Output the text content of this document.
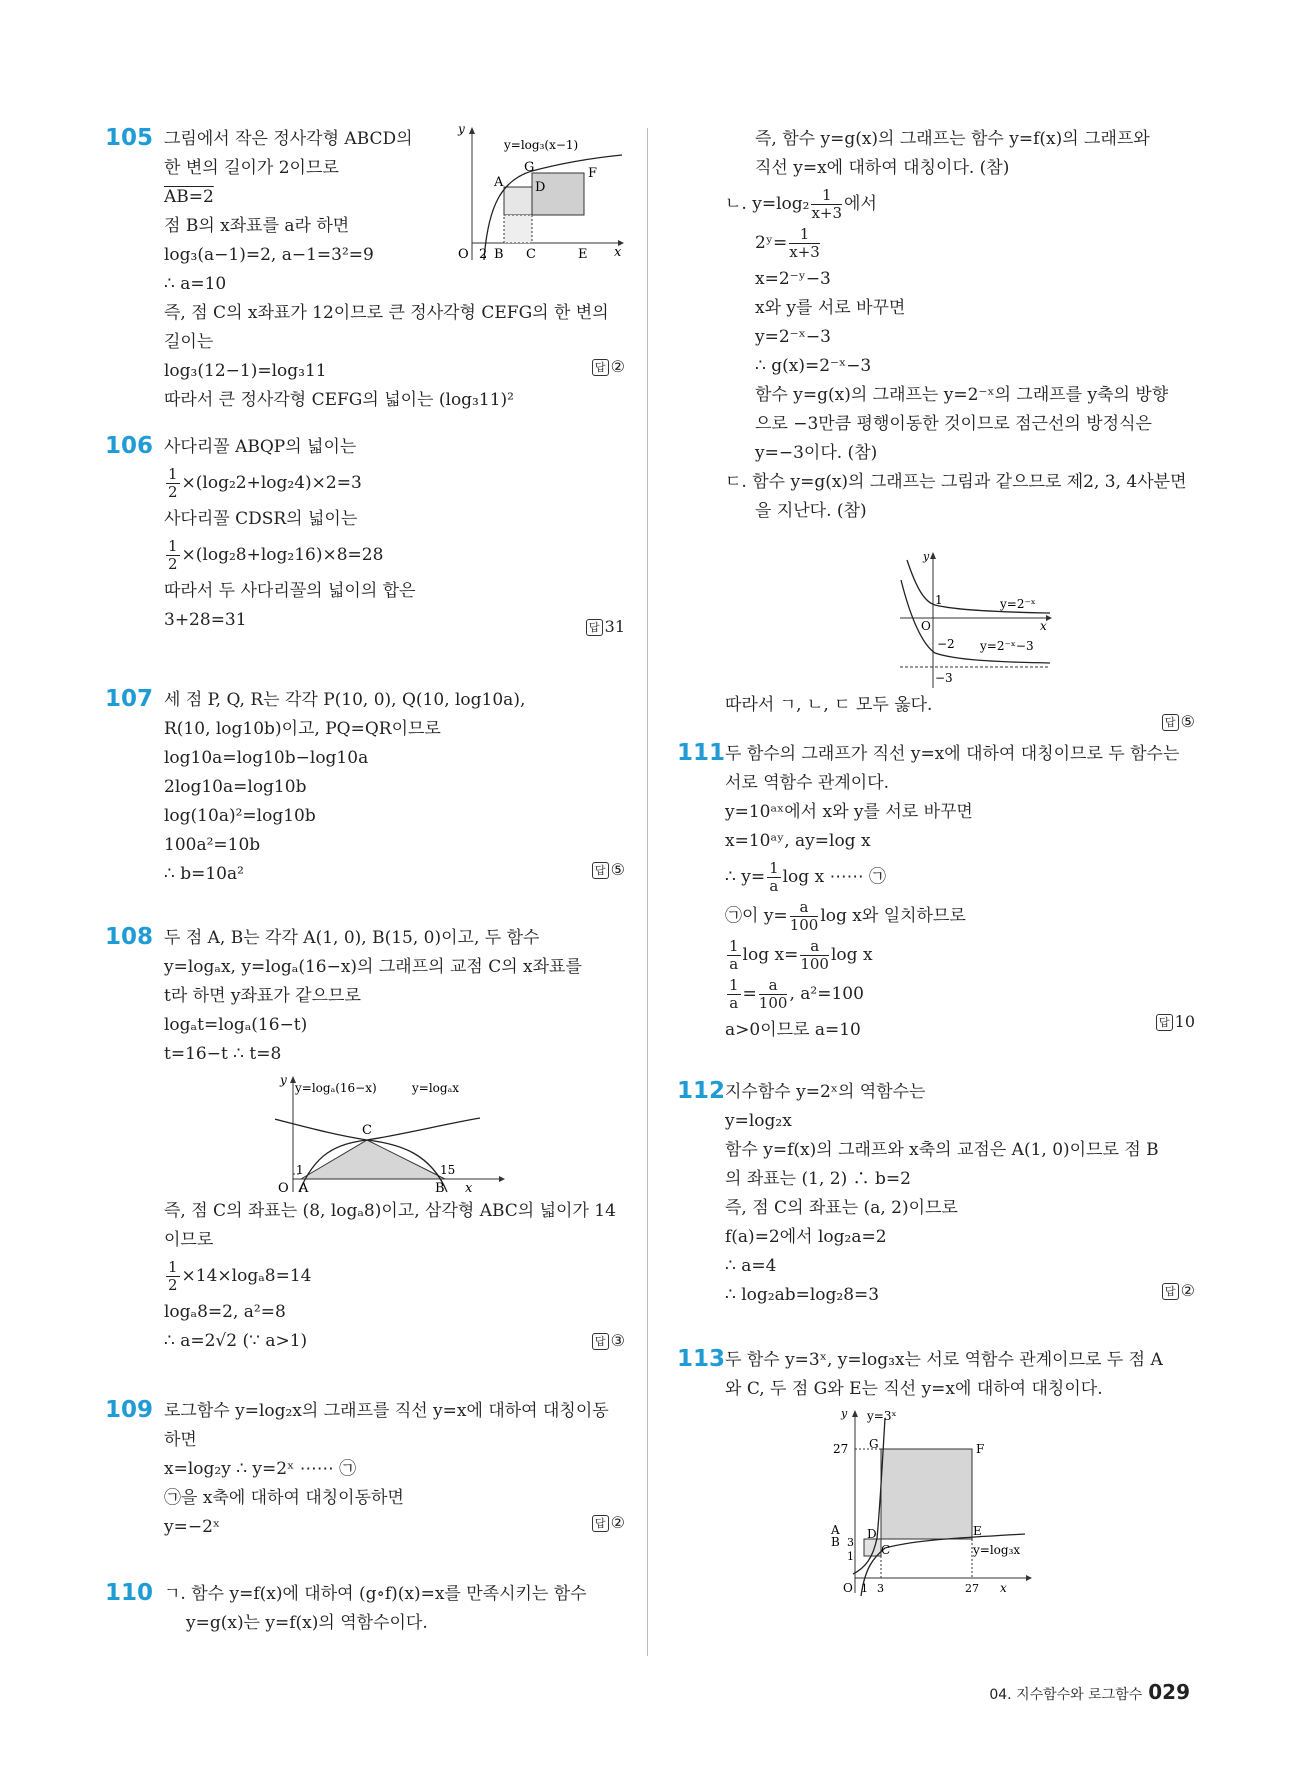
105 그림에서 작은 정사각형 ABCD의
한 변의 길이가 2이므로
AB=2
점 B의 x좌표를 a라 하면
log₃(a−1)=2, a−1=3²=9
∴ a=10
즉, 점 C의 x좌표가 12이므로 큰 정사각형 CEFG의 한 변의
길이는
log₃(12−1)=log₃11
따라서 큰 정사각형 CEFG의 넓이는 (log₃11)²
답 ②
y
x
O 2 B C	E
A D
G	F
y=log₃(x−1)
106 사다리꼴 ABQP의 넓이는
$\frac{1}{2} \times(\log_22+\log_24)\times 2=3$
사다리꼴 CDSR의 넓이는
$\frac{1}{2} \times(\log_28+\log_216)\times 8=28$
따라서 두 사다리꼴의 넓이의 합은
3+28=31	답 31
107 세 점 P, Q, R는 각각 P(10, 0), Q(10, log10a),
R(10, log10b)이고, PQ=QR이므로
log10a=log10b−log10a
2log10a=log10b
log(10a)²=log10b
100a²=10b
∴ b=10a²	답 ⑤
108 두 점 A, B는 각각 A(1, 0), B(15, 0)이고, 두 함수
y=logₐx, y=logₐ(16−x)의 그래프의 교점 C의 x좌표를
t라 하면 y좌표가 같으므로
logₐt=logₐ(16−t)
t=16−t ∴ t=8
즉, 점 C의 좌표는 (8, logₐ8)이고, 삼각형 ABC의 넓이가 14
이므로
$\frac{1}{2} \times 14\times\log_a8=14$
logₐ8=2, a²=8
∴ a=2√2 (∵ a>1)	답 ③
y
y=logₐ(16−x)	y=logₐx
C
1	15
O A	B x
109 로그함수 y=log₂x의 그래프를 직선 y=x에 대하여 대칭이동
하면
x=log₂y ∴ y=2ˣ ⋯⋯ ㉠
㉠을 x축에 대하여 대칭이동하면
y=−2ˣ	답 ②
110 ㄱ. 함수 y=f(x)에 대하여 (g∘f)(x)=x를 만족시키는 함수
y=g(x)는 y=f(x)의 역함수이다.
즉, 함수 y=g(x)의 그래프는 함수 y=f(x)의 그래프와
직선 y=x에 대하여 대칭이다. (참)
ㄴ. $y=\log_2 \frac{1}{x+3}$ 에서
2ʸ= $\frac{1}{x+3}$
x=2⁻ʸ−3
x와 y를 서로 바꾸면
y=2⁻ˣ−3
∴ g(x)=2⁻ˣ−3
함수 y=g(x)의 그래프는 y=2⁻ˣ의 그래프를 y축의 방향
으로 −3만큼 평행이동한 것이므로 점근선의 방정식은
y=−3이다. (참)
ㄷ. 함수 y=g(x)의 그래프는 그림과 같으므로 제2, 3, 4사분면
을 지난다. (참)
따라서 ㄱ, ㄴ, ㄷ 모두 옳다.
답 ⑤
y
1	y=2⁻ˣ
x
O
−2 y=2⁻ˣ−3
−3
111 두 함수의 그래프가 직선 y=x에 대하여 대칭이므로 두 함수는
서로 역함수 관계이다.
y=10ᵃˣ에서 x와 y를 서로 바꾸면
x=10ᵃʸ, ay=log x
∴ $y= \frac{1}{a}$ log x ⋯⋯ ㉠
㉠이 $y= \frac{a}{100}$ log x와 일치하므로
$\frac{1}{a}$ $\log x= \frac{a}{100}$ log x
$\frac{1}{a} = \frac{a}{100}$ , a²=100
a>0이므로 a=10	답 10
112 지수함수 y=2ˣ의 역함수는
y=log₂x
함수 y=f(x)의 그래프와 x축의 교점은 A(1, 0)이므로 점 B
의 좌표는 (1, 2) ∴ b=2
즉, 점 C의 좌표는 (a, 2)이므로
f(a)=2에서 log₂a=2
∴ a=4
∴ log₂ab=log₂8=3	답 ②
113 두 함수 y=3ˣ, y=log₃x는 서로 역함수 관계이므로 두 점 A
와 C, 두 점 G와 E는 직선 y=x에 대하여 대칭이다.
y y=3ˣ
27 G	F
A
B 3
1
D
C
E
y=log₃x
O 1 3	27 x
04. 지수함수와 로그함수 029
